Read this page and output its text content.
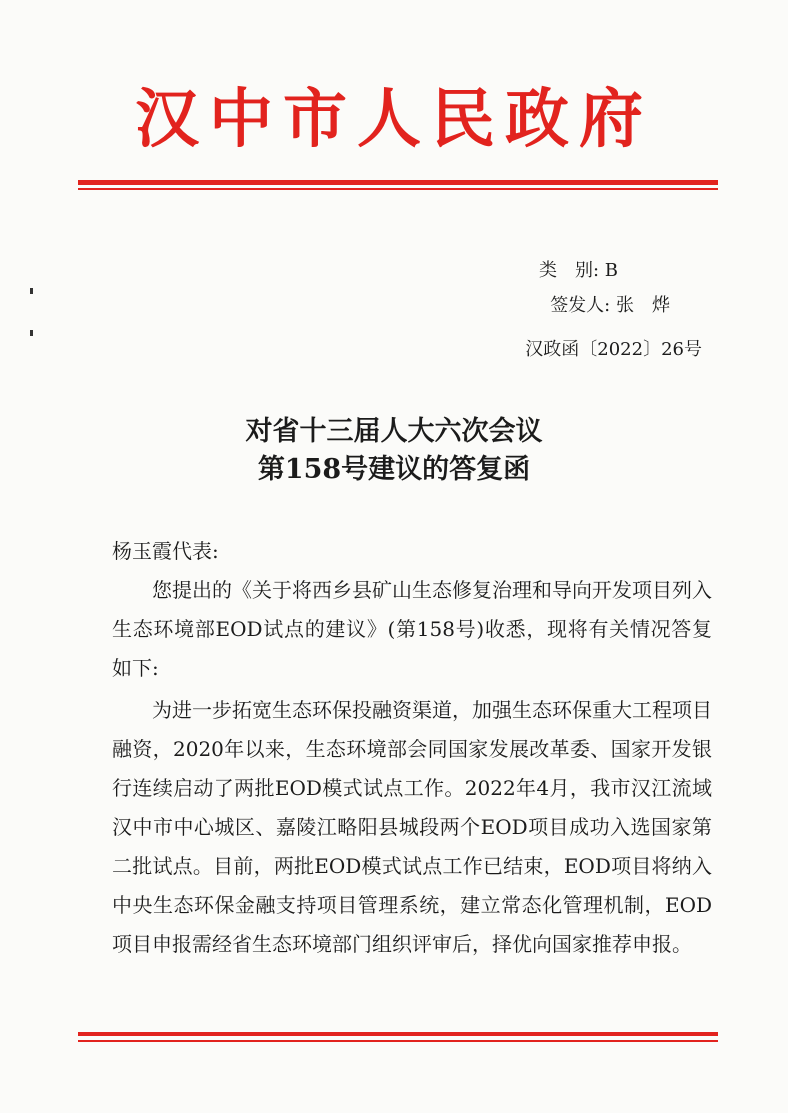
汉中市人民政府
类　别: B
签发人: 张　烨
汉政函〔2022〕26号
对省十三届人大六次会议
第158号建议的答复函

杨玉霞代表:

您提出的《关于将西乡县矿山生态修复治理和导向开发项目列入生态环境部EOD试点的建议》(第158号)收悉，现将有关情况答复如下:

为进一步拓宽生态环保投融资渠道，加强生态环保重大工程项目融资，2020年以来，生态环境部会同国家发展改革委、国家开发银行连续启动了两批EOD模式试点工作。2022年4月，我市汉江流域汉中市中心城区、嘉陵江略阳县城段两个EOD项目成功入选国家第二批试点。目前，两批EOD模式试点工作已结束，EOD项目将纳入中央生态环保金融支持项目管理系统，建立常态化管理机制，EOD项目申报需经省生态环境部门组织评审后，择优向国家推荐申报。
